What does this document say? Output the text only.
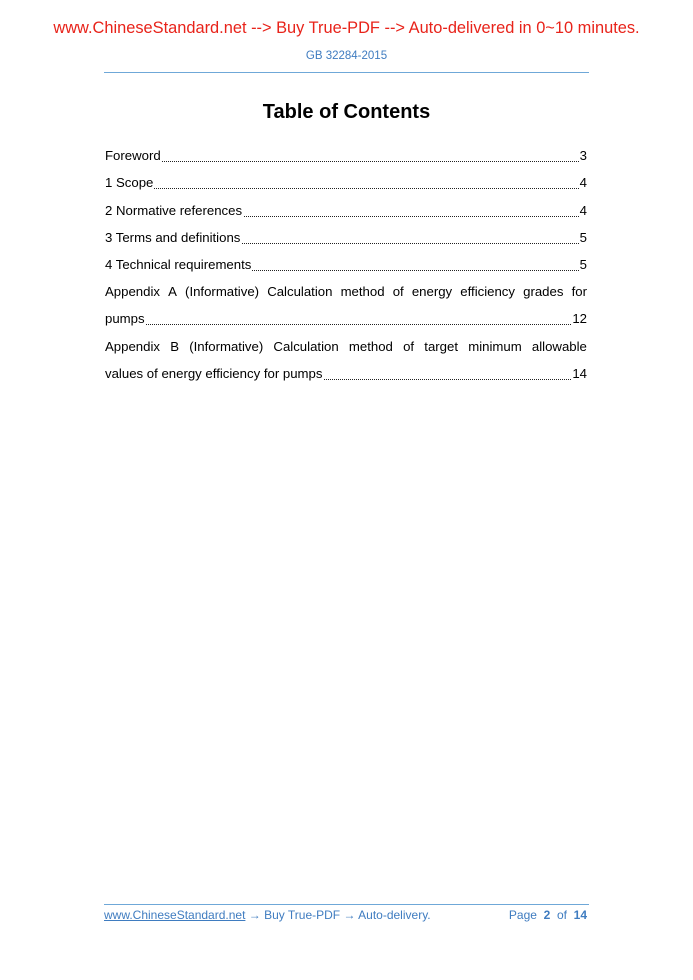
www.ChineseStandard.net --> Buy True-PDF --> Auto-delivered in 0~10 minutes.
GB 32284-2015
Table of Contents
Foreword	3
1 Scope	4
2 Normative references	4
3 Terms and definitions	5
4 Technical requirements	5
Appendix A (Informative) Calculation method of energy efficiency grades for
pumps	12
Appendix B (Informative) Calculation method of target minimum allowable
values of energy efficiency for pumps	14
www.ChineseStandard.net → Buy True-PDF → Auto-delivery.	Page 2 of 14
